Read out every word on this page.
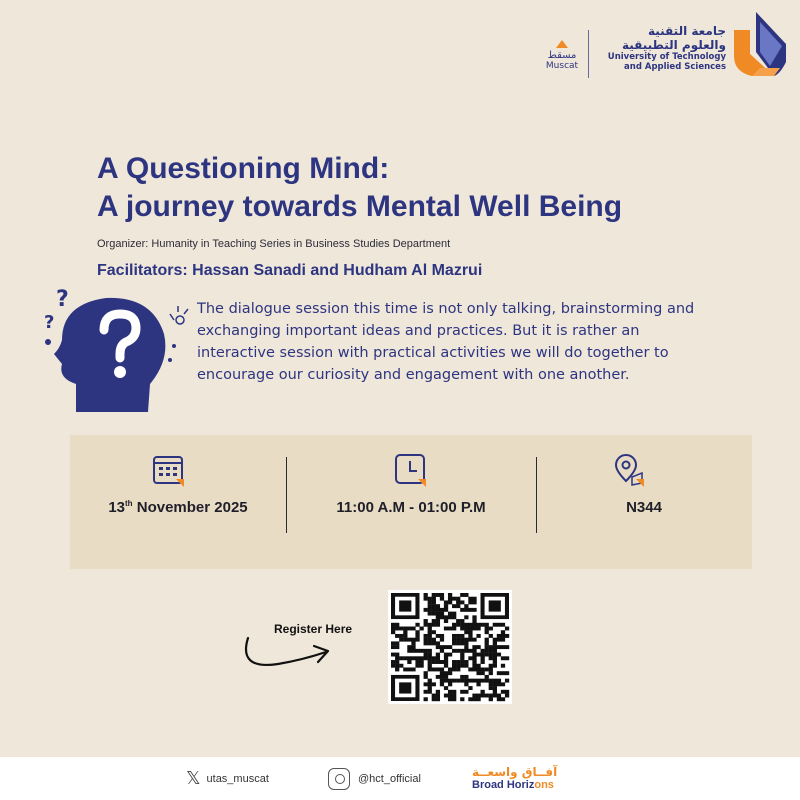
مسقط
Muscat
جامعة التقنية
والعلوم التطبيقية
University of Technology
and Applied Sciences
A Questioning Mind:
A journey towards Mental Well Being
Organizer: Humanity in Teaching Series in Business Studies Department
Facilitators: Hassan Sanadi and Hudham Al Mazrui
?
?
The dialogue session this time is not only talking, brainstorming and exchanging important ideas and practices. But it is rather an interactive session with practical activities we will do together to encourage our curiosity and engagement with one another.
13th November 2025	11:00 A.M - 01:00 P.M	N344
Register Here
𝕏 utas_muscat	@hct_official	آفــاق واسعــة
Broad Horizons
